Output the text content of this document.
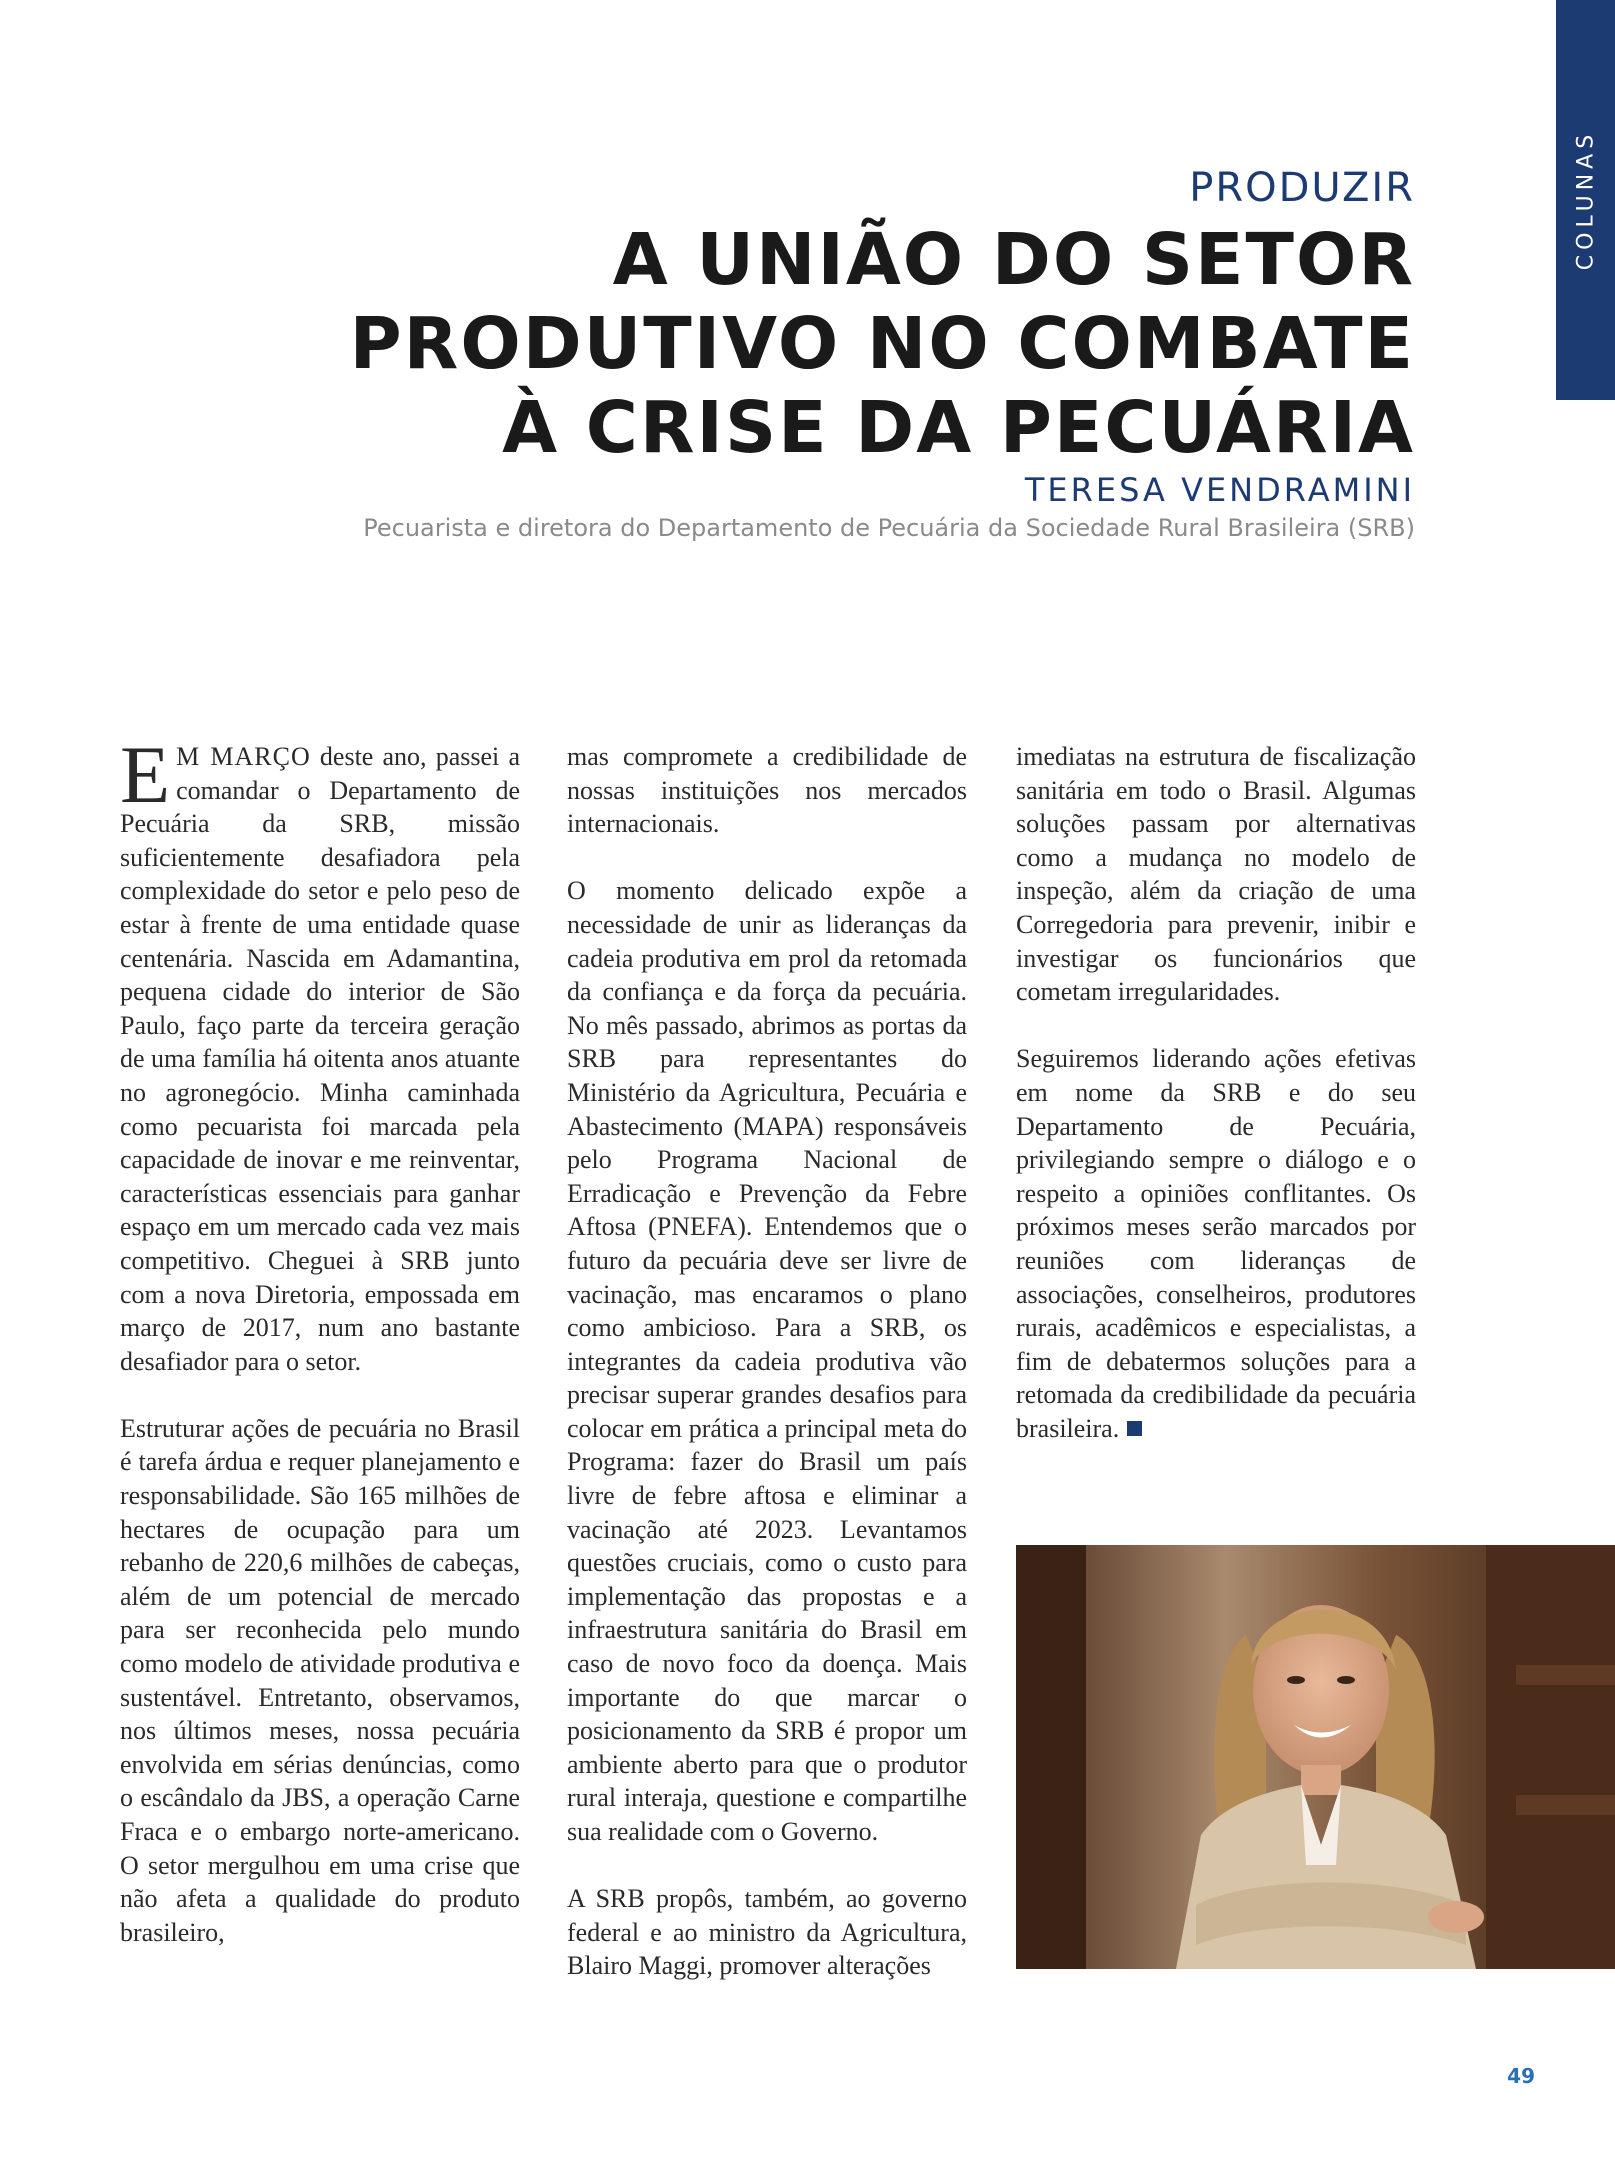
COLUNAS
PRODUZIR
A UNIÃO DO SETOR
PRODUTIVO NO COMBATE
À CRISE DA PECUÁRIA
TERESA VENDRAMINI
Pecuarista e diretora do Departamento de Pecuária da Sociedade Rural Brasileira (SRB)

E M MARÇO deste ano, passei a comandar o Departamento de Pecuária da SRB, missão suficientemente desafiadora pela complexidade do setor e pelo peso de estar à frente de uma entidade quase centenária. Nascida em Adamantina, pequena cidade do interior de São Paulo, faço parte da terceira geração de uma família há oitenta anos atuante no agronegócio. Minha caminhada como pecuarista foi marcada pela capacidade de inovar e me reinventar, características essenciais para ganhar espaço em um mercado cada vez mais competitivo. Cheguei à SRB junto com a nova Diretoria, empossada em março de 2017, num ano bastante desafiador para o setor.

Estruturar ações de pecuária no Brasil é tarefa árdua e requer planejamento e responsabilidade. São 165 milhões de hectares de ocupação para um rebanho de 220,6 milhões de cabeças, além de um potencial de mercado para ser reconhecida pelo mundo como modelo de atividade produtiva e sustentável. Entretanto, observamos, nos últimos meses, nossa pecuária envolvida em sérias denúncias, como o escândalo da JBS, a operação Carne Fraca e o embargo norte-americano. O setor mergulhou em uma crise que não afeta a qualidade do produto brasileiro,

mas compromete a credibilidade de nossas instituições nos mercados internacionais.

O momento delicado expõe a necessidade de unir as lideranças da cadeia produtiva em prol da retomada da confiança e da força da pecuária. No mês passado, abrimos as portas da SRB para representantes do Ministério da Agricultura, Pecuária e Abastecimento (MAPA) responsáveis pelo Programa Nacional de Erradicação e Prevenção da Febre Aftosa (PNEFA). Entendemos que o futuro da pecuária deve ser livre de vacinação, mas encaramos o plano como ambicioso. Para a SRB, os integrantes da cadeia produtiva vão precisar superar grandes desafios para colocar em prática a principal meta do Programa: fazer do Brasil um país livre de febre aftosa e eliminar a vacinação até 2023. Levantamos questões cruciais, como o custo para implementação das propostas e a infraestrutura sanitária do Brasil em caso de novo foco da doença. Mais importante do que marcar o posicionamento da SRB é propor um ambiente aberto para que o produtor rural interaja, questione e compartilhe sua realidade com o Governo.

A SRB propôs, também, ao governo federal e ao ministro da Agricultura, Blairo Maggi, promover alterações

imediatas na estrutura de fiscalização sanitária em todo o Brasil. Algumas soluções passam por alternativas como a mudança no modelo de inspeção, além da criação de uma Corregedoria para prevenir, inibir e investigar os funcionários que cometam irregularidades.

Seguiremos liderando ações efetivas em nome da SRB e do seu Departamento de Pecuária, privilegiando sempre o diálogo e o respeito a opiniões conflitantes. Os próximos meses serão marcados por reuniões com lideranças de associações, conselheiros, produtores rurais, acadêmicos e especialistas, a fim de debatermos soluções para a retomada da credibilidade da pecuária brasileira.

49
